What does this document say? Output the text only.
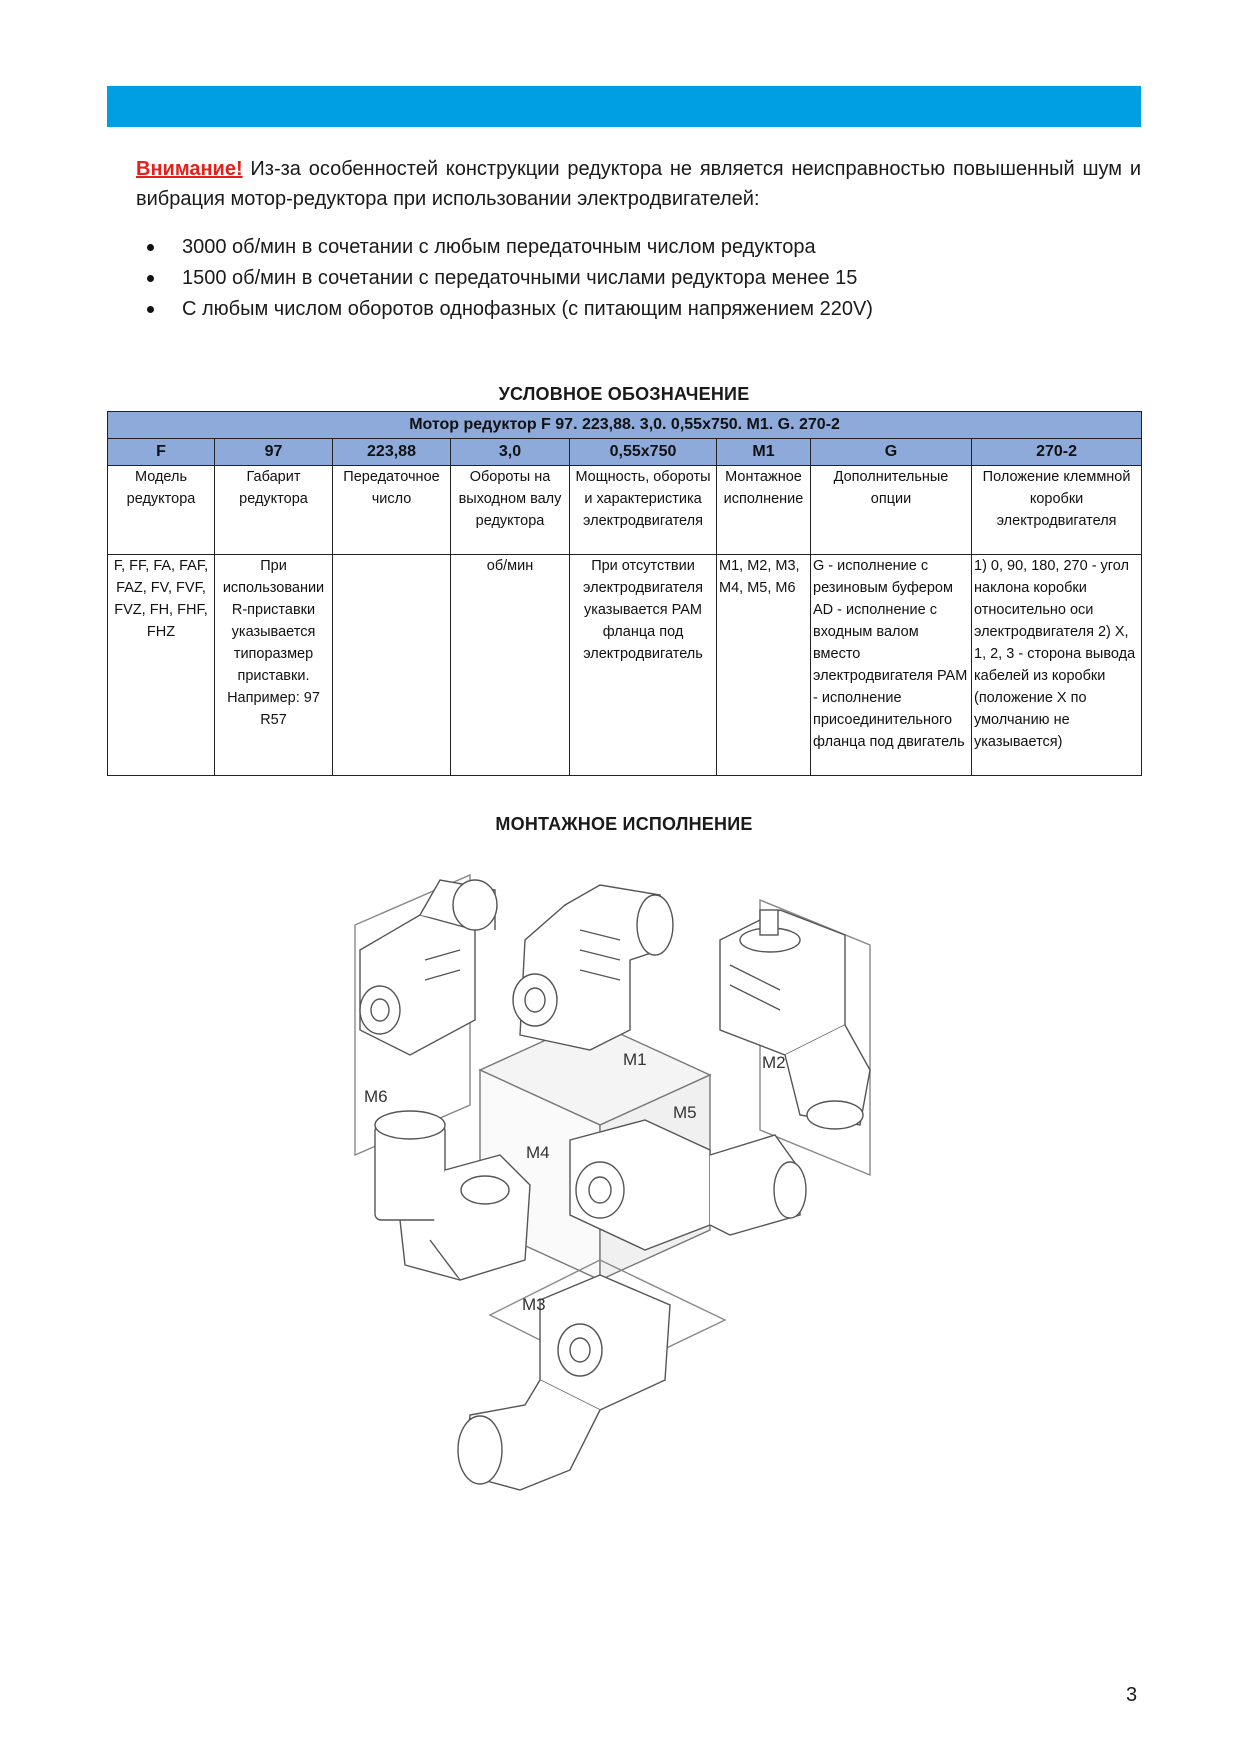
Внимание! Из-за особенностей конструкции редуктора не является неисправностью повышенный шум и вибрация мотор-редуктора при использовании электродвигателей:

3000 об/мин в сочетании с любым передаточным числом редуктора
1500 об/мин в сочетании с передаточными числами редуктора менее 15
С любым числом оборотов однофазных (с питающим напряжением 220V)
УСЛОВНОЕ ОБОЗНАЧЕНИЕ
Мотор редуктор F 97. 223,88. 3,0. 0,55x750. M1. G. 270-2							
F	97	223,88	3,0	0,55x750	M1	G	270-2
Модель редуктора	Габарит редуктора	Передаточное число	Обороты на выходном валу редуктора	Мощность, обороты и характеристика электродвигателя	Монтажное исполнение	Дополнительные опции	Положение клеммной коробки электродвигателя
F, FF, FA, FAF, FAZ, FV, FVF, FVZ, FH, FHF, FHZ	При использовании R-приставки указывается типоразмер приставки. Например: 97 R57		об/мин	При отсутствии электродвигателя указывается PAM фланца под электродвигатель	M1, M2, M3, M4, M5, M6	G - исполнение с резиновым буфером AD - исполнение с входным валом вместо электродвигателя PAM - исполнение присоединительного фланца под двигатель	1) 0, 90, 180, 270 - угол наклона коробки относительно оси электродвигателя 2) X, 1, 2, 3 - сторона вывода кабелей из коробки (положение X по умолчанию не указывается)
МОНТАЖНОЕ ИСПОЛНЕНИЕ
M1	M2
M3
M4
M5
M6
3
